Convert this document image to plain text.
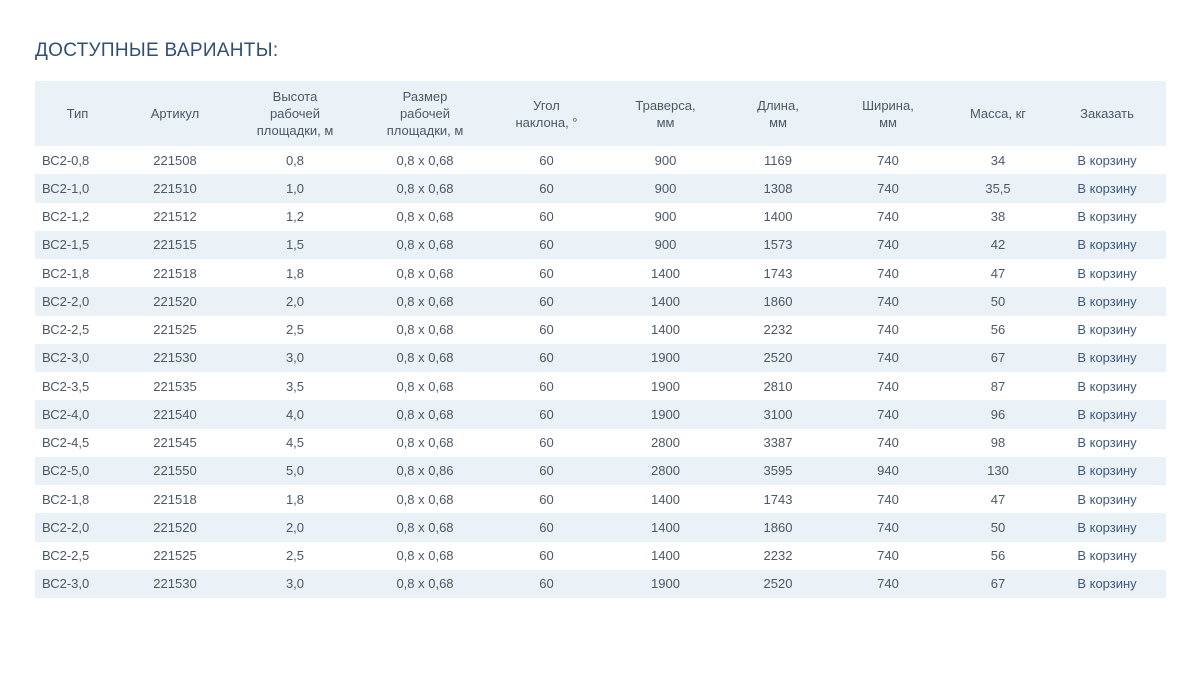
ДОСТУПНЫЕ ВАРИАНТЫ:
Тип	Артикул	Высота
рабочей
площадки, м	Размер
рабочей
площадки, м	Угол
наклона, °	Траверса,
мм	Длина,
мм	Ширина,
мм	Масса, кг	Заказать

ВС2-0,8	221508	0,8	0,8 х 0,68	60	900	1169	740	34	В корзину
ВС2-1,0	221510	1,0	0,8 х 0,68	60	900	1308	740	35,5	В корзину
ВС2-1,2	221512	1,2	0,8 х 0,68	60	900	1400	740	38	В корзину
ВС2-1,5	221515	1,5	0,8 х 0,68	60	900	1573	740	42	В корзину
ВС2-1,8	221518	1,8	0,8 х 0,68	60	1400	1743	740	47	В корзину
ВС2-2,0	221520	2,0	0,8 х 0,68	60	1400	1860	740	50	В корзину
ВС2-2,5	221525	2,5	0,8 х 0,68	60	1400	2232	740	56	В корзину
ВС2-3,0	221530	3,0	0,8 х 0,68	60	1900	2520	740	67	В корзину
ВС2-3,5	221535	3,5	0,8 х 0,68	60	1900	2810	740	87	В корзину
ВС2-4,0	221540	4,0	0,8 х 0,68	60	1900	3100	740	96	В корзину
ВС2-4,5	221545	4,5	0,8 х 0,68	60	2800	3387	740	98	В корзину
ВС2-5,0	221550	5,0	0,8 х 0,86	60	2800	3595	940	130	В корзину
ВС2-1,8	221518	1,8	0,8 х 0,68	60	1400	1743	740	47	В корзину
ВС2-2,0	221520	2,0	0,8 х 0,68	60	1400	1860	740	50	В корзину
ВС2-2,5	221525	2,5	0,8 х 0,68	60	1400	2232	740	56	В корзину
ВС2-3,0	221530	3,0	0,8 х 0,68	60	1900	2520	740	67	В корзину
